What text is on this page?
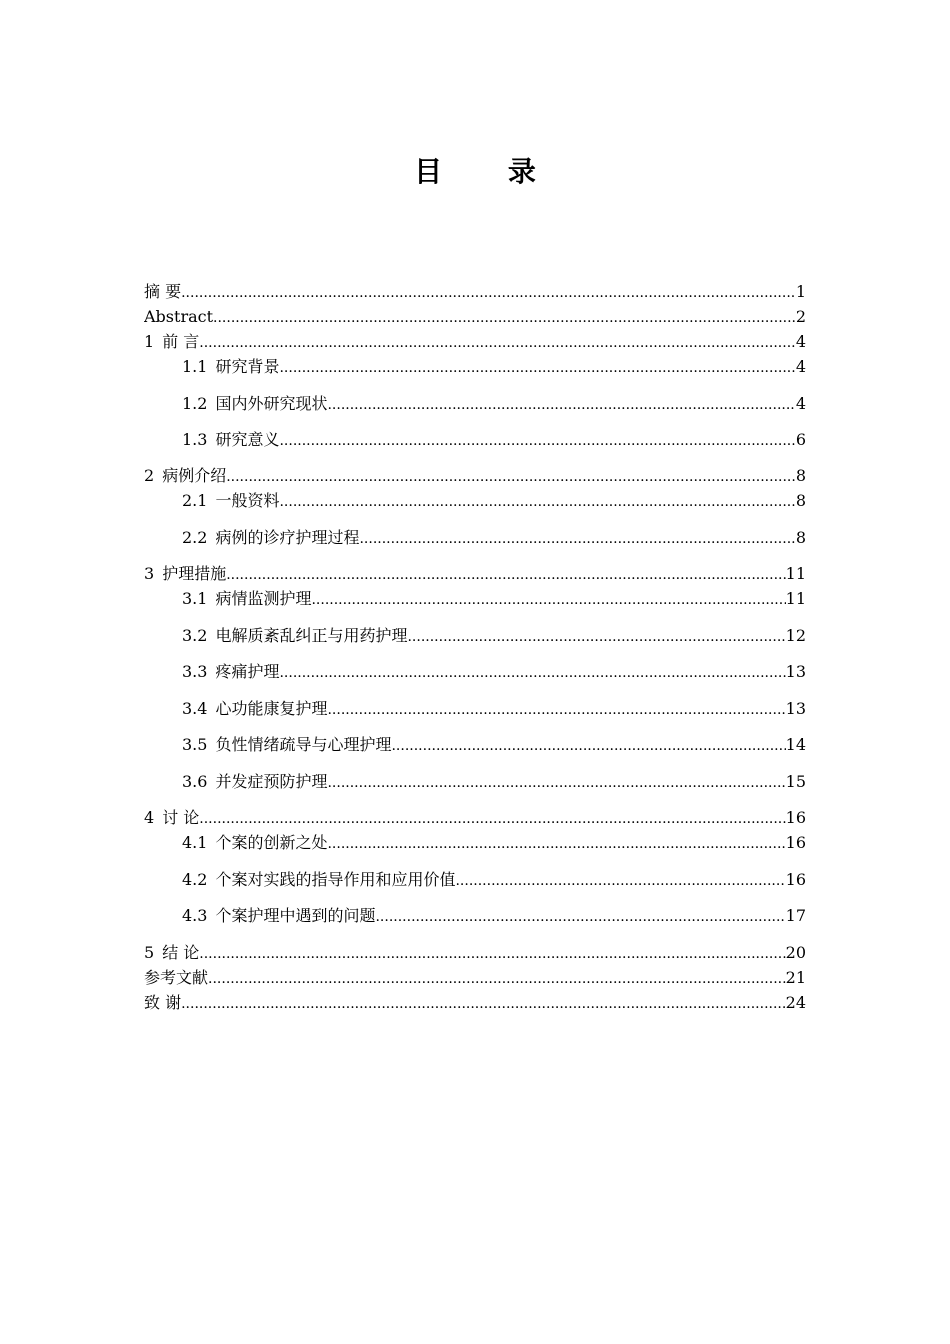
目 录
摘 要 .....	1
Abstract .....	2
1 前 言 .....	4
1.1 研究背景 .....	4
1.2 国内外研究现状 .....	4
1.3 研究意义 .....	6
2 病例介绍 .....	8
2.1 一般资料 .....	8
2.2 病例的诊疗护理过程 .....	8
3 护理措施 .....	11
3.1 病情监测护理 .....	11
3.2 电解质紊乱纠正与用药护理 .....	12
3.3 疼痛护理 .....	13
3.4 心功能康复护理 .....	13
3.5 负性情绪疏导与心理护理 .....	14
3.6 并发症预防护理 .....	15
4 讨 论 .....	16
4.1 个案的创新之处 .....	16
4.2 个案对实践的指导作用和应用价值 .....	16
4.3 个案护理中遇到的问题 .....	17
5 结 论 .....	20
参考文献 .....	21
致 谢 .....	24
